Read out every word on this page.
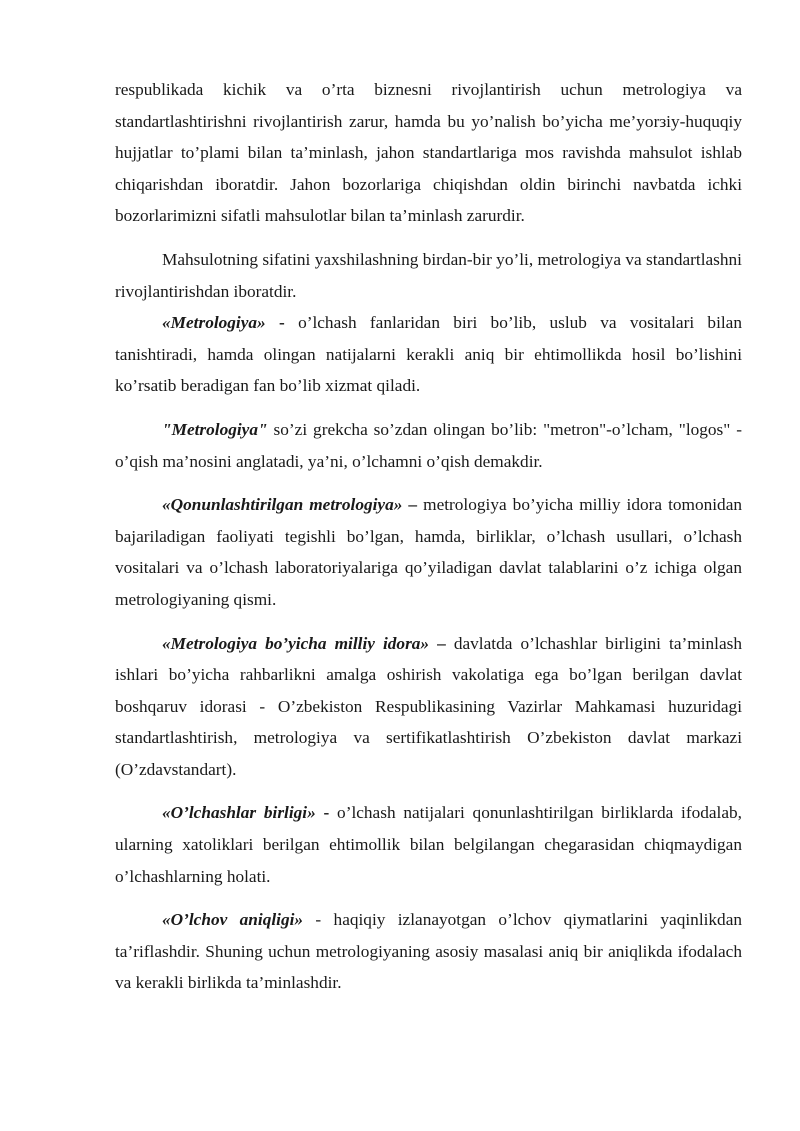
respublikada kichik va o’rta biznesni rivojlantirish uchun metrologiya va standartlashtirishni rivojlantirish zarur, hamda bu yo’nalish bo’yicha me’yorзiy-huquqiy hujjatlar to’plami bilan ta’minlash, jahon standartlariga mos ravishda mahsulot ishlab chiqarishdan iboratdir. Jahon bozorlariga chiqishdan oldin birinchi navbatda ichki bozorlarimizni sifatli mahsulotlar bilan ta’minlash zarurdir.

Mahsulotning sifatini yaxshilashning birdan-bir yo’li, metrologiya va standartlashni rivojlantirishdan iboratdir.

«Metrologiya» - o’lchash fanlaridan biri bo’lib, uslub va vositalari bilan tanishtiradi, hamda olingan natijalarni kerakli aniq bir ehtimollikda hosil bo’lishini ko’rsatib beradigan fan bo’lib xizmat qiladi.

"Metrologiya" so’zi grekcha so’zdan olingan bo’lib: "metron"-o’lcham, "logos" - o’qish ma’nosini anglatadi, ya’ni, o’lchamni o’qish demakdir.

«Qonunlashtirilgan metrologiya» – metrologiya bo’yicha milliy idora tomonidan bajariladigan faoliyati tegishli bo’lgan, hamda, birliklar, o’lchash usullari, o’lchash vositalari va o’lchash laboratoriyalariga qo’yiladigan davlat talablarini o’z ichiga olgan metrologiyaning qismi.

«Metrologiya bo’yicha milliy idora» – davlatda o’lchashlar birligini ta’minlash ishlari bo’yicha rahbarlikni amalga oshirish vakolatiga ega bo’lgan berilgan davlat boshqaruv idorasi - O’zbekiston Respublikasining Vazirlar Mahkamasi huzuridagi standartlashtirish, metrologiya va sertifikatlashtirish O’zbekiston davlat markazi (O’zdavstandart).

«O’lchashlar birligi» - o’lchash natijalari qonunlashtirilgan birliklarda ifodalab, ularning xatoliklari berilgan ehtimollik bilan belgilangan chegarasidan chiqmaydigan o’lchashlarning holati.

«O’lchov aniqligi» - haqiqiy izlanayotgan o’lchov qiymatlarini yaqinlikdan ta’riflashdir. Shuning uchun metrologiyaning asosiy masalasi aniq bir aniqlikda ifodalach va kerakli birlikda ta’minlashdir.
